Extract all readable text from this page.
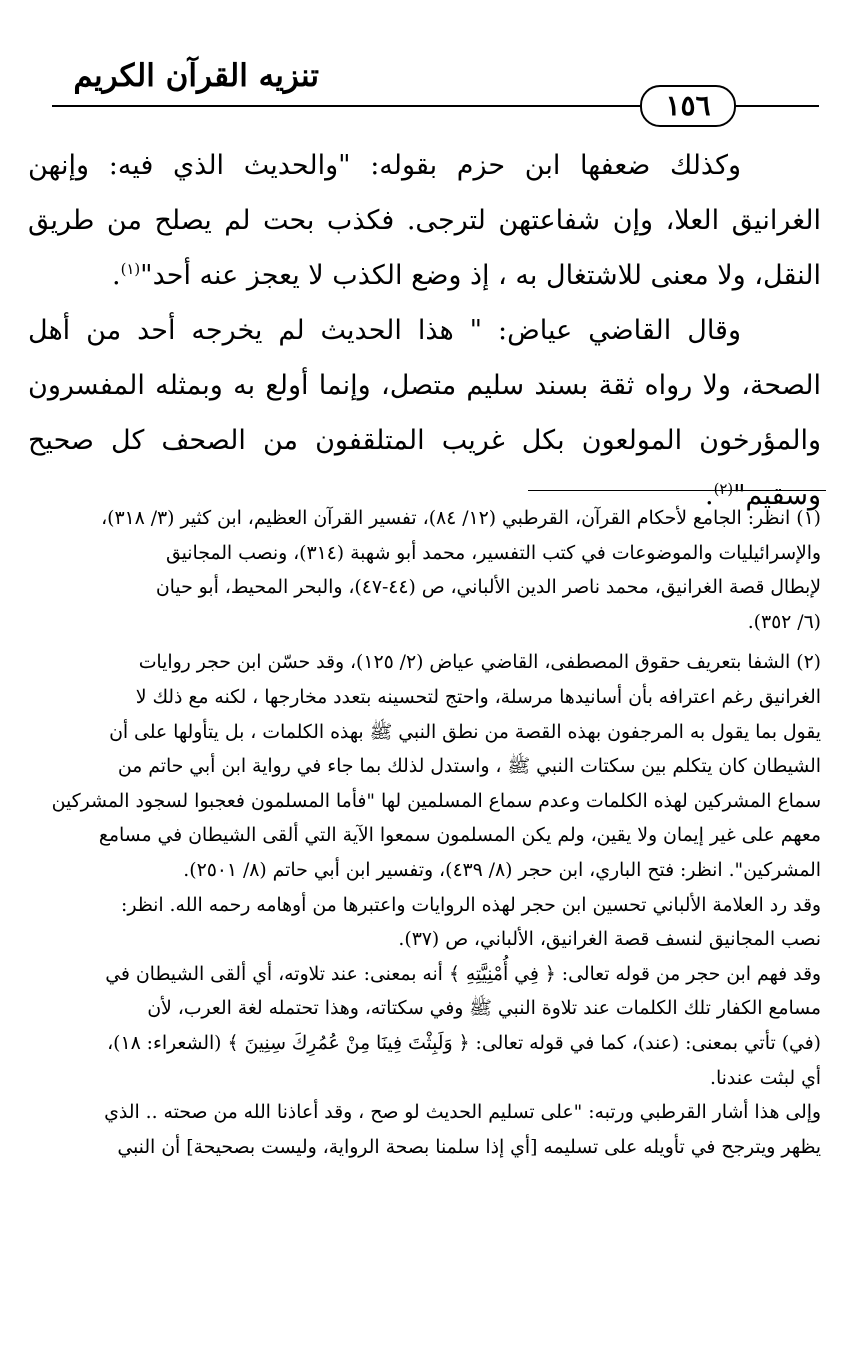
تنزيه القرآن الكريم
١٥٦

وكذلك ضعفها ابن حزم بقوله: "والحديث الذي فيه: وإنهن الغرانيق العلا، وإن شفاعتهن لترجى. فكذب بحت لم يصلح من طريق النقل، ولا معنى للاشتغال به ، إذ وضع الكذب لا يعجز عنه أحد"$^{(١)}$.

وقال القاضي عياض: " هذا الحديث لم يخرجه أحد من أهل الصحة، ولا رواه ثقة بسند سليم متصل، وإنما أولع به وبمثله المفسرون والمؤرخون المولعون بكل غريب المتلقفون من الصحف كل صحيح وسقيم"$^{(٢)}$.

(١) انظر: الجامع لأحكام القرآن، القرطبي (١٢/ ٨٤)، تفسير القرآن العظيم، ابن كثير (٣/ ٣١٨)،

والإسرائيليات والموضوعات في كتب التفسير، محمد أبو شهبة (٣١٤)، ونصب المجانيق

لإبطال قصة الغرانيق، محمد ناصر الدين الألباني، ص (٤٤-٤٧)، والبحر المحيط، أبو حيان

(٦/ ٣٥٢).

(٢) الشفا بتعريف حقوق المصطفى، القاضي عياض (٢/ ١٢٥)، وقد حسّن ابن حجر روايات

الغرانيق رغم اعترافه بأن أسانيدها مرسلة، واحتج لتحسينه بتعدد مخارجها ، لكنه مع ذلك لا

يقول بما يقول به المرجفون بهذه القصة من نطق النبي ﷺ بهذه الكلمات ، بل يتأولها على أن

الشيطان كان يتكلم بين سكتات النبي ﷺ ، واستدل لذلك بما جاء في رواية ابن أبي حاتم من

سماع المشركين لهذه الكلمات وعدم سماع المسلمين لها "فأما المسلمون فعجبوا لسجود المشركين

معهم على غير إيمان ولا يقين، ولم يكن المسلمون سمعوا الآية التي ألقى الشيطان في مسامع

المشركين". انظر: فتح الباري، ابن حجر (٨/ ٤٣٩)، وتفسير ابن أبي حاتم (٨/ ٢٥٠١).

وقد رد العلامة الألباني تحسين ابن حجر لهذه الروايات واعتبرها من أوهامه رحمه الله. انظر:

نصب المجانيق لنسف قصة الغرانيق، الألباني، ص (٣٧).

وقد فهم ابن حجر من قوله تعالى: ﴿ فِي أُمْنِيَّتِهِ ﴾ أنه بمعنى: عند تلاوته، أي ألقى الشيطان في

مسامع الكفار تلك الكلمات عند تلاوة النبي ﷺ وفي سكتاته، وهذا تحتمله لغة العرب، لأن

(في) تأتي بمعنى: (عند)، كما في قوله تعالى: ﴿ وَلَبِثْتَ فِينَا مِنْ عُمُرِكَ سِنِينَ ﴾ (الشعراء: ١٨)،

أي لبثت عندنا.

وإلى هذا أشار القرطبي ورتبه: "على تسليم الحديث لو صح ، وقد أعاذنا الله من صحته .. الذي

يظهر ويترجح في تأويله على تسليمه [أي إذا سلمنا بصحة الرواية، وليست بصحيحة] أن النبي
